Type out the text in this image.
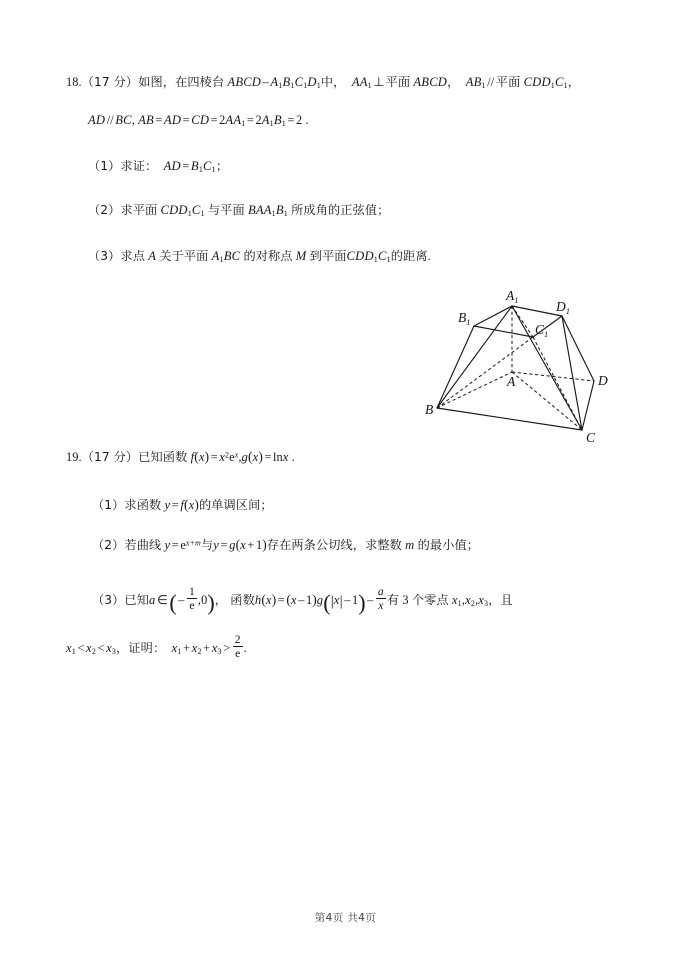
18.（17 分）如图，在四棱台 ABCD – $A_1B_1C_1D_1$中， $AA_1$ ⊥ 平面 ABCD， $AB_1$ // 平面 $CDD_1C_1$，
AD // BC, AB = AD = CD = $2AA_1 = 2A_1B_1 = 2$ .
（1）求证： AD = $B_1C_1$；
（2）求平面 $CDD_1C_1$ 与平面 $BAA_1B_1$ 所成角的正弦值；
（3）求点 A 关于平面 $A_1BC$ 的对称点 M 到平面$CDD_1C_1$的距离.
$A_1$	$D_1$
$B_1$	$C_1$
A	D
B
C
19.（17 分）已知函数 $f(x) = x^2e^x,g(x) = \ln x$ .
（1）求函数 y = f(x)的单调区间；
（2）若曲线 $y = e^{x+m}$与y = g(x + 1)存在两条公切线，求整数 m 的最小值；
（3）已知a ∈( – $\frac{1}{e} ,0$)， 函数$h(x) = (x - 1)g(|x| - 1) - \frac{a}{x}$ 有 3 个零点 $x_1,x_2,x_3$，且
$x_1 < x_2 < x_3$，证明： $x_1 + x_2 + x_3 > \frac{2}{e}$ .
第4页 共4页
